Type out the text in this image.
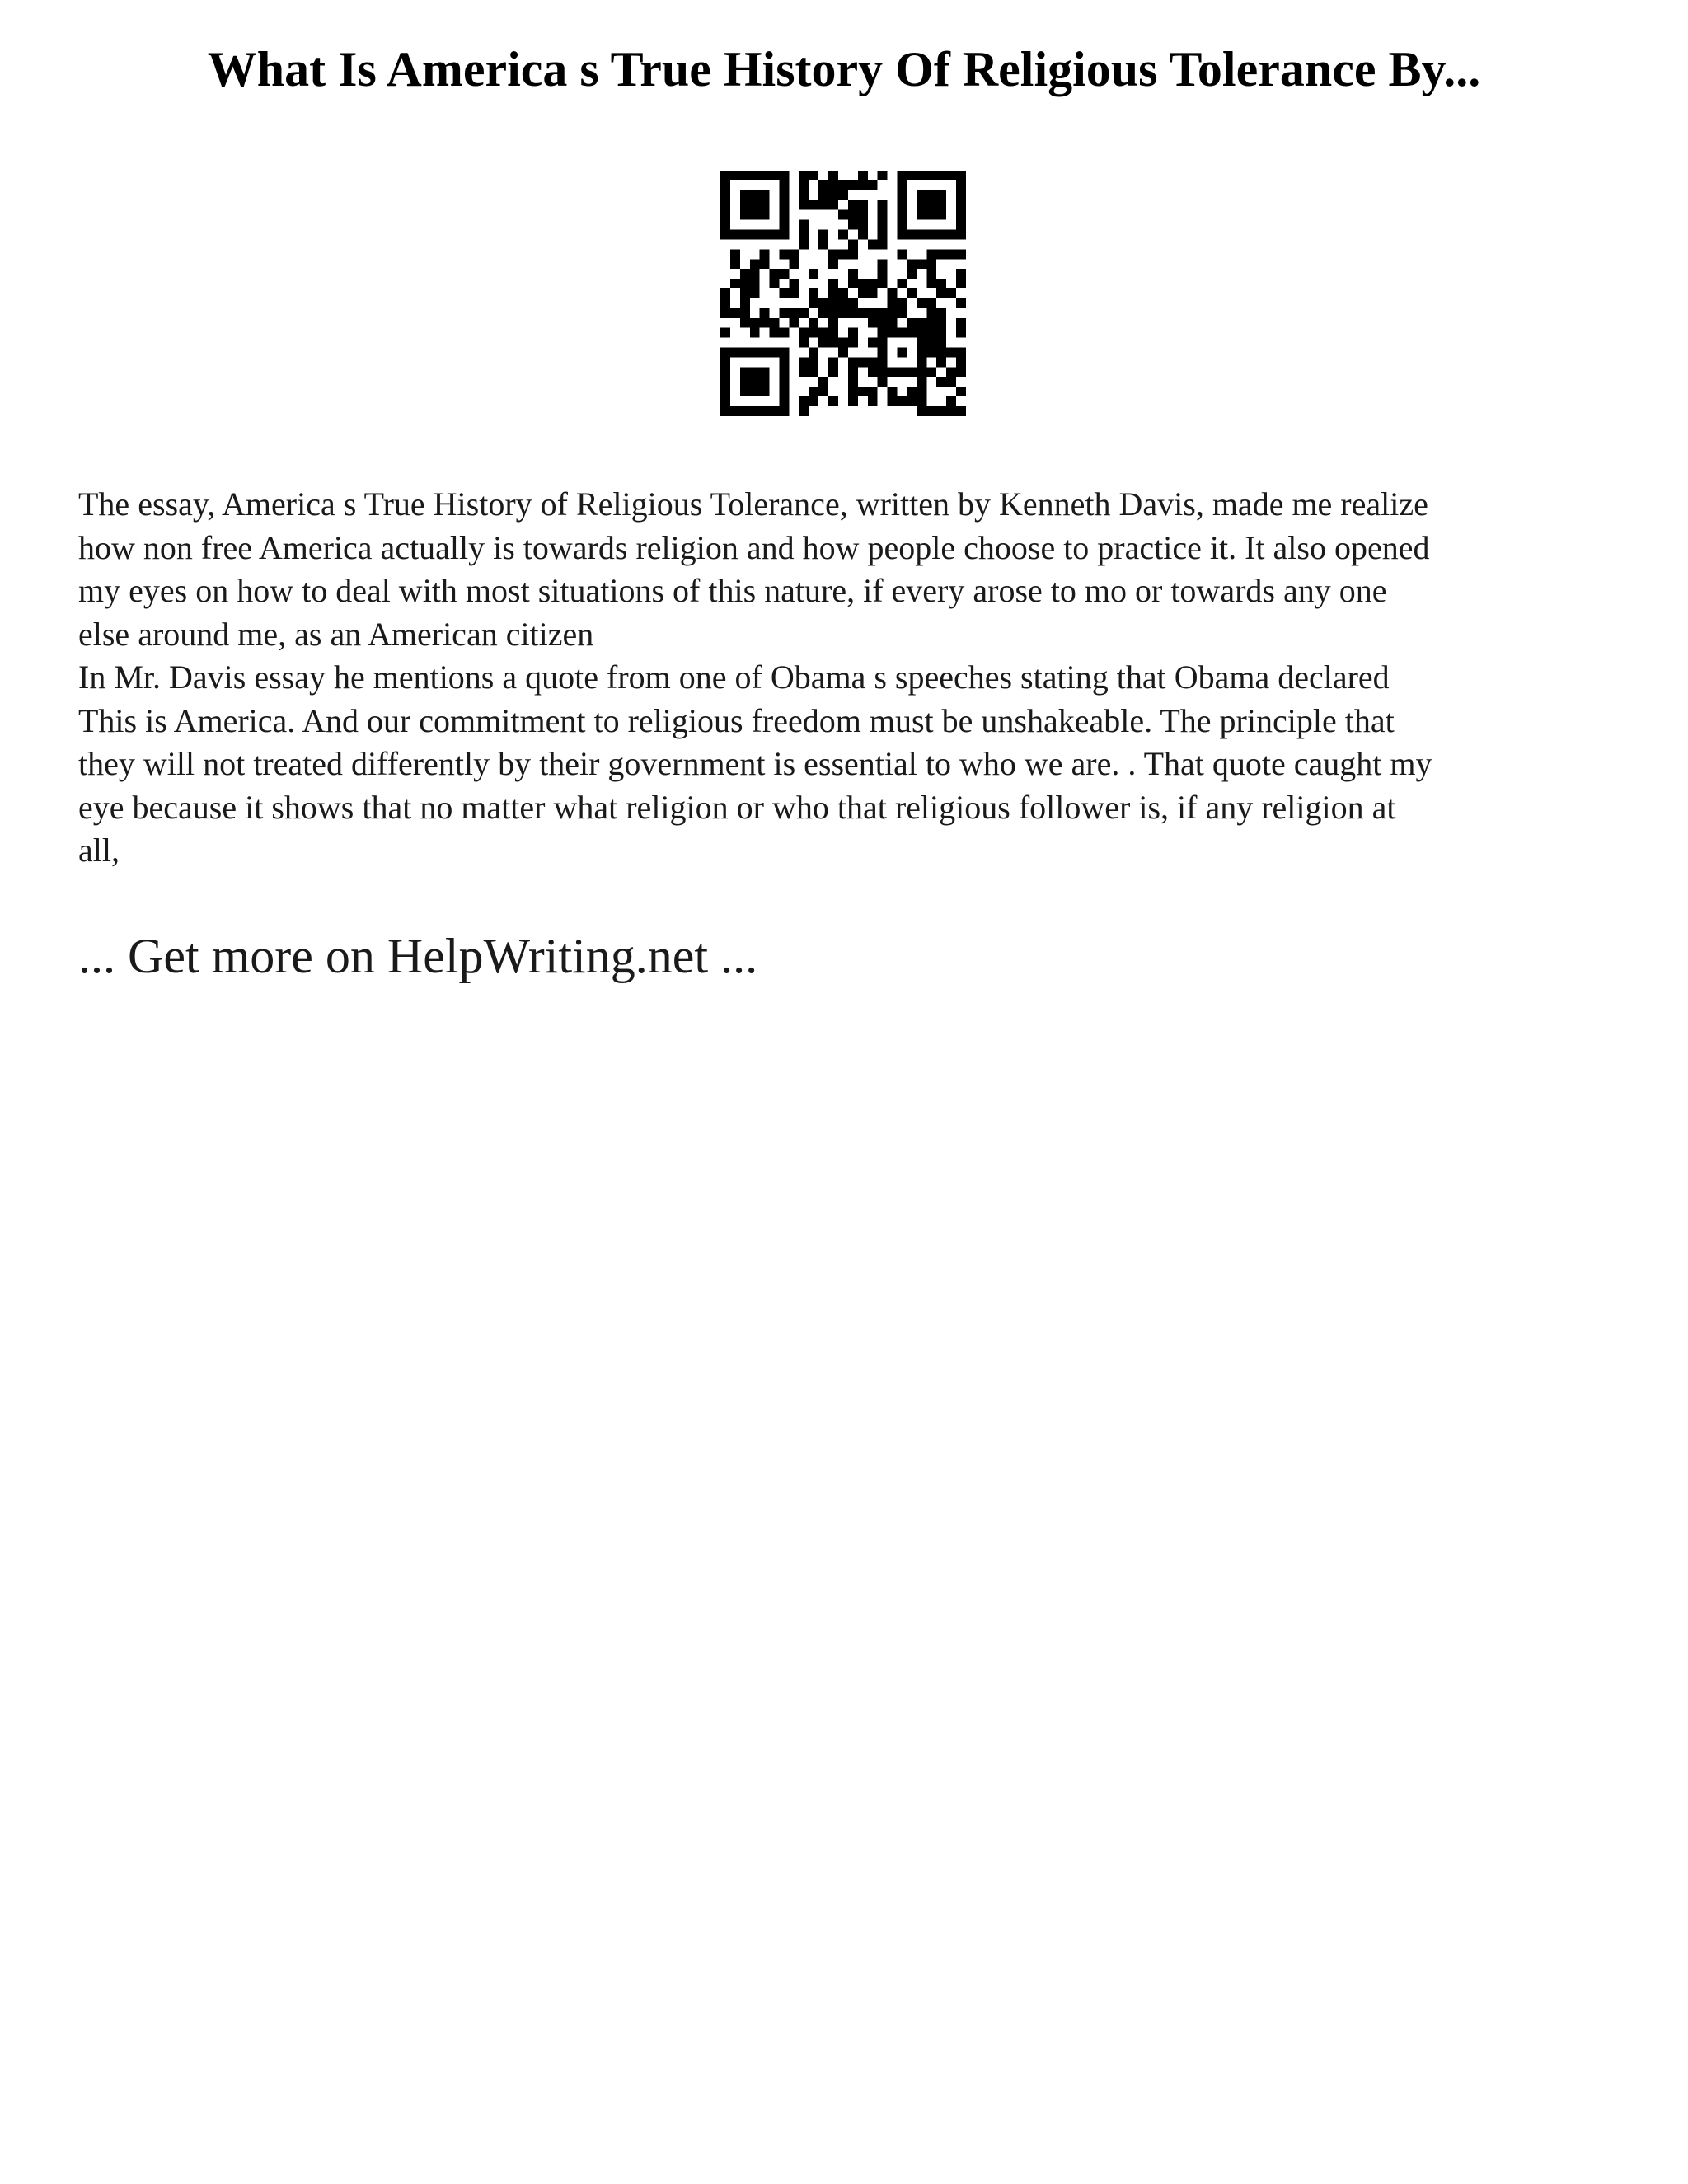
What Is America s True History Of Religious Tolerance By...

The essay, America s True History of Religious Tolerance, written by Kenneth Davis, made me realize
how non free America actually is towards religion and how people choose to practice it. It also opened
my eyes on how to deal with most situations of this nature, if every arose to mo or towards any one
else around me, as an American citizen

In Mr. Davis essay he mentions a quote from one of Obama s speeches stating that Obama declared
This is America. And our commitment to religious freedom must be unshakeable. The principle that
they will not treated differently by their government is essential to who we are. . That quote caught my
eye because it shows that no matter what religion or who that religious follower is, if any religion at
all,

... Get more on HelpWriting.net ...
